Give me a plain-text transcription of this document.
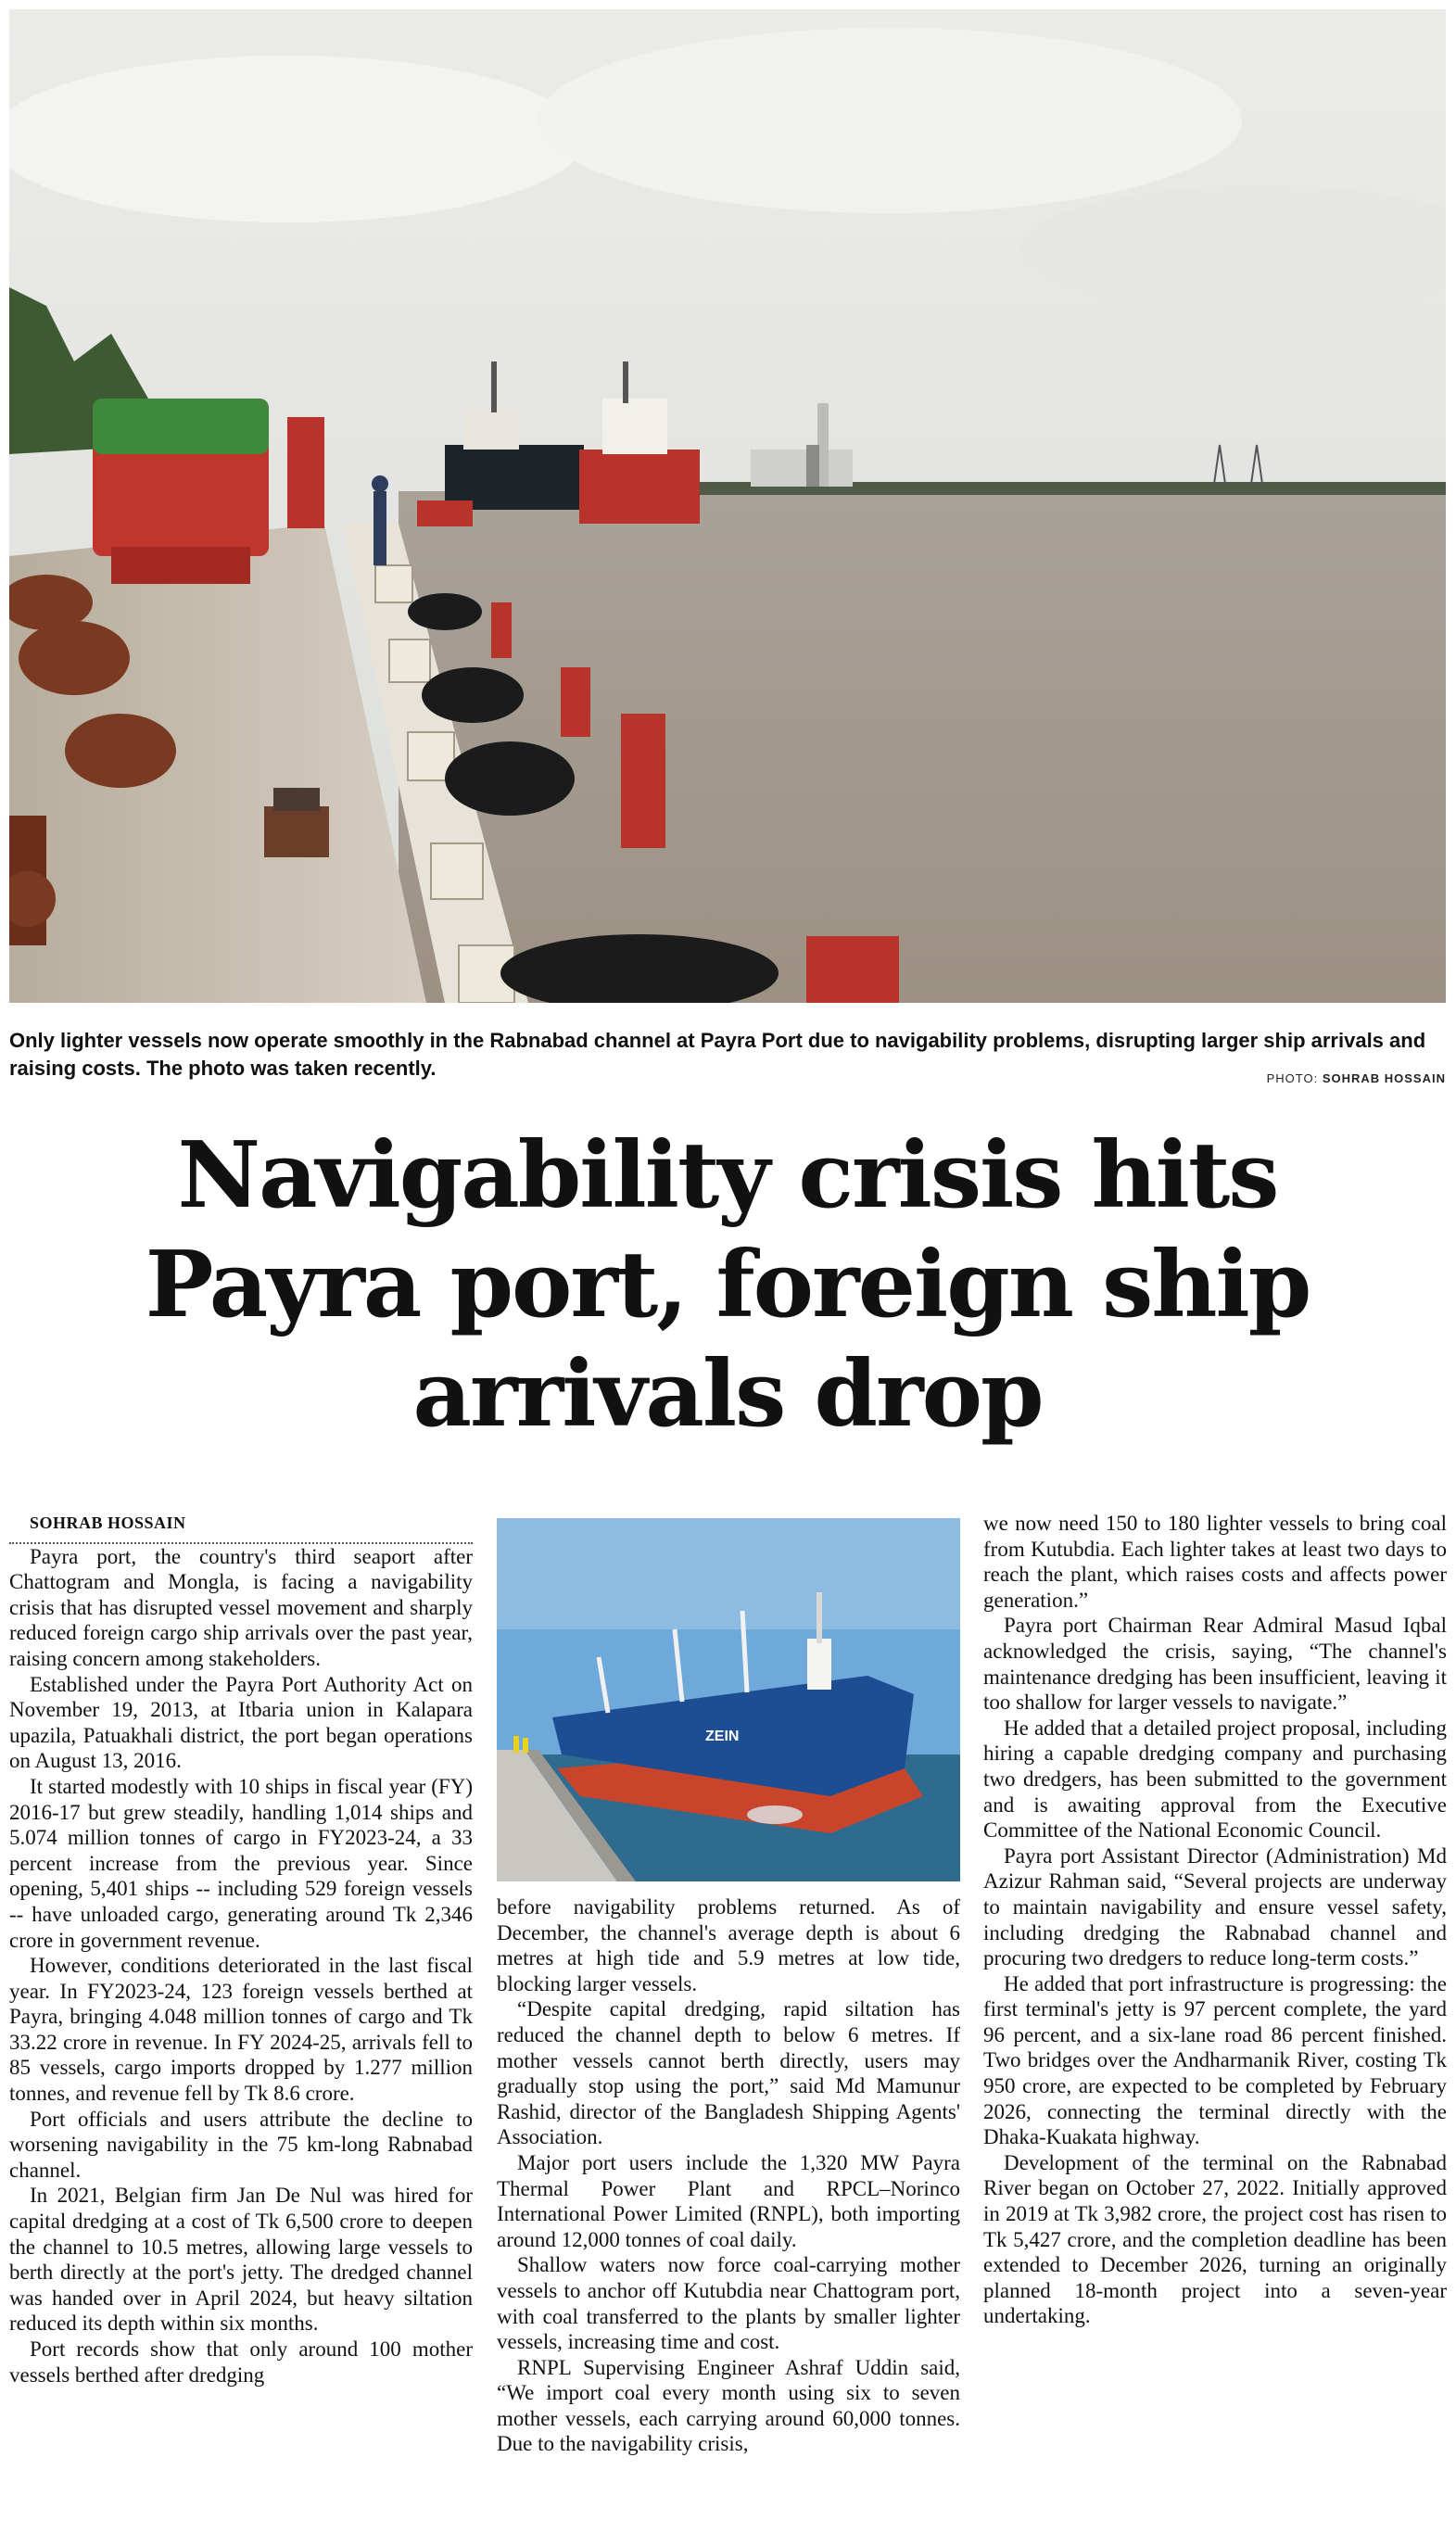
Only lighter vessels now operate smoothly in the Rabnabad channel at Payra Port due to navigability problems, disrupting larger ship arrivals and raising costs. The photo was taken recently.	PHOTO: SOHRAB HOSSAIN
Navigability crisis hits
Payra port, foreign ship
arrivals drop

SOHRAB HOSSAIN

Payra port, the country's third seaport after Chattogram and Mongla, is facing a navigability crisis that has disrupted vessel movement and sharply reduced foreign cargo ship arrivals over the past year, raising concern among stakeholders.

Established under the Payra Port Authority Act on November 19, 2013, at Itbaria union in Kalapara upazila, Patuakhali district, the port began operations on August 13, 2016.

It started modestly with 10 ships in fiscal year (FY) 2016-17 but grew steadily, handling 1,014 ships and 5.074 million tonnes of cargo in FY2023-24, a 33 percent increase from the previous year. Since opening, 5,401 ships -- including 529 foreign vessels -- have unloaded cargo, generating around Tk 2,346 crore in government revenue.

However, conditions deteriorated in the last fiscal year. In FY2023-24, 123 foreign vessels berthed at Payra, bringing 4.048 million tonnes of cargo and Tk 33.22 crore in revenue. In FY 2024-25, arrivals fell to 85 vessels, cargo imports dropped by 1.277 million tonnes, and revenue fell by Tk 8.6 crore.

Port officials and users attribute the decline to worsening navigability in the 75 km-long Rabnabad channel.

In 2021, Belgian firm Jan De Nul was hired for capital dredging at a cost of Tk 6,500 crore to deepen the channel to 10.5 metres, allowing large vessels to berth directly at the port's jetty. The dredged channel was handed over in April 2024, but heavy siltation reduced its depth within six months.

Port records show that only around 100 mother vessels berthed after dredging

ZEIN

before navigability problems returned. As of December, the channel's average depth is about 6 metres at high tide and 5.9 metres at low tide, blocking larger vessels.

“Despite capital dredging, rapid siltation has reduced the channel depth to below 6 metres. If mother vessels cannot berth directly, users may gradually stop using the port,” said Md Mamunur Rashid, director of the Bangladesh Shipping Agents' Association.

Major port users include the 1,320 MW Payra Thermal Power Plant and RPCL–Norinco International Power Limited (RNPL), both importing around 12,000 tonnes of coal daily.

Shallow waters now force coal-carrying mother vessels to anchor off Kutubdia near Chattogram port, with coal transferred to the plants by smaller lighter vessels, increasing time and cost.

RNPL Supervising Engineer Ashraf Uddin said, “We import coal every month using six to seven mother vessels, each carrying around 60,000 tonnes. Due to the navigability crisis,

we now need 150 to 180 lighter vessels to bring coal from Kutubdia. Each lighter takes at least two days to reach the plant, which raises costs and affects power generation.”

Payra port Chairman Rear Admiral Masud Iqbal acknowledged the crisis, saying, “The channel's maintenance dredging has been insufficient, leaving it too shallow for larger vessels to navigate.”

He added that a detailed project proposal, including hiring a capable dredging company and purchasing two dredgers, has been submitted to the government and is awaiting approval from the Executive Committee of the National Economic Council.

Payra port Assistant Director (Administration) Md Azizur Rahman said, “Several projects are underway to maintain navigability and ensure vessel safety, including dredging the Rabnabad channel and procuring two dredgers to reduce long-term costs.”

He added that port infrastructure is progressing: the first terminal's jetty is 97 percent complete, the yard 96 percent, and a six-lane road 86 percent finished. Two bridges over the Andharmanik River, costing Tk 950 crore, are expected to be completed by February 2026, connecting the terminal directly with the Dhaka-Kuakata highway.

Development of the terminal on the Rabnabad River began on October 27, 2022. Initially approved in 2019 at Tk 3,982 crore, the project cost has risen to Tk 5,427 crore, and the completion deadline has been extended to December 2026, turning an originally planned 18-month project into a seven-year undertaking.
